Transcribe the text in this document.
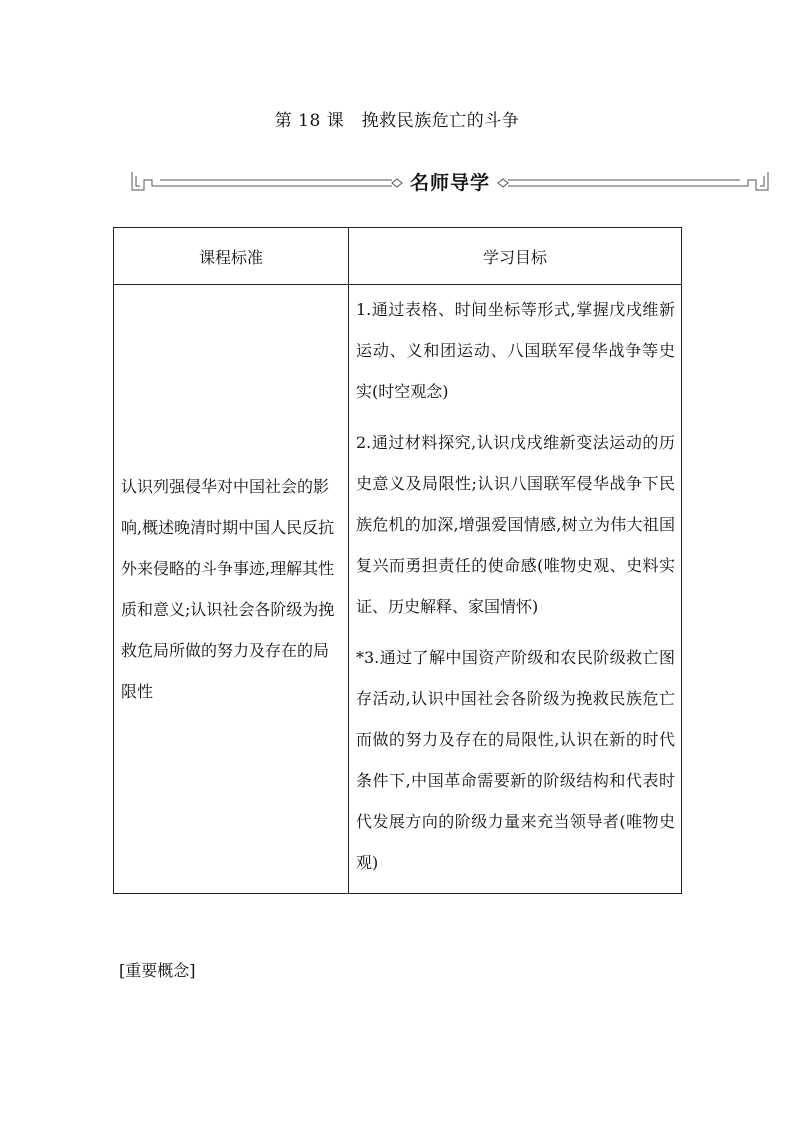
第 18 课　挽救民族危亡的斗争
名师导学
课程标准	学习目标
认识列强侵华对中国社会的影响,概述晚清时期中国人民反抗外来侵略的斗争事迹,理解其性质和意义;认识社会各阶级为挽救危局所做的努力及存在的局限性	1.通过表格、时间坐标等形式,掌握戊戌维新运动、义和团运动、八国联军侵华战争等史实(时空观念)

2.通过材料探究,认识戊戌维新变法运动的历史意义及局限性;认识八国联军侵华战争下民族危机的加深,增强爱国情感,树立为伟大祖国复兴而勇担责任的使命感(唯物史观、史料实证、历史解释、家国情怀)

*3.通过了解中国资产阶级和农民阶级救亡图存活动,认识中国社会各阶级为挽救民族危亡而做的努力及存在的局限性,认识在新的时代条件下,中国革命需要新的阶级结构和代表时代发展方向的阶级力量来充当领导者(唯物史观)

[重要概念]
